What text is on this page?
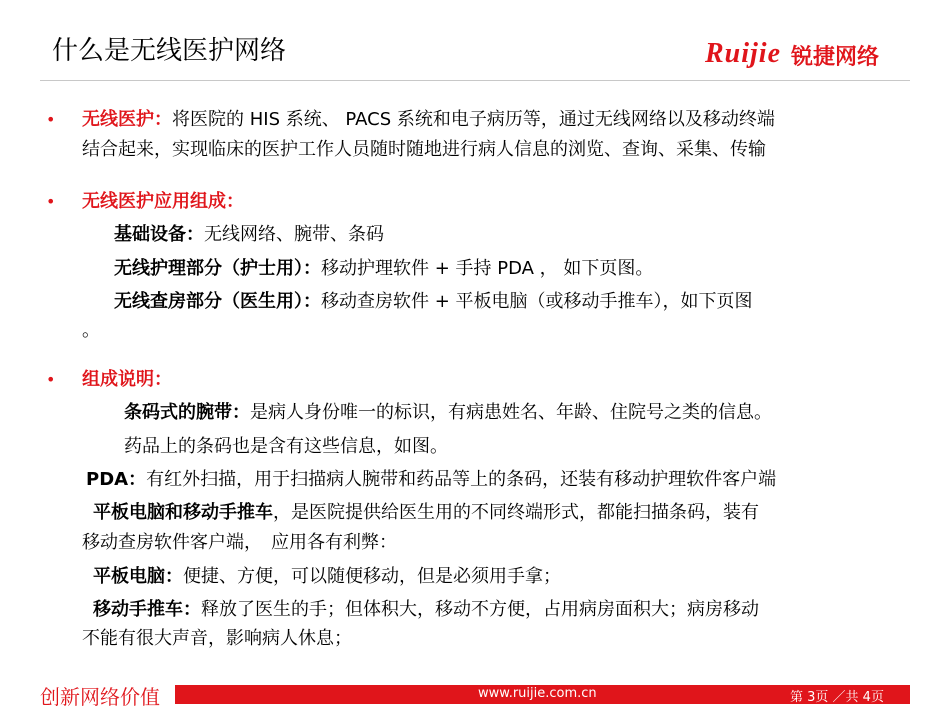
什么是无线医护网络	Ruijie 锐捷网络
• 无线医护：将医院的 HIS 系统、 PACS 系统和电子病历等，通过无线网络以及移动终端
结合起来，实现临床的医护工作人员随时随地进行病人信息的浏览、查询、采集、传输
• 无线医护应用组成：
基础设备：无线网络、腕带、条码
无线护理部分（护士用）：移动护理软件 + 手持 PDA ， 如下页图。
无线查房部分（医生用）：移动查房软件 + 平板电脑（或移动手推车），如下页图
。
• 组成说明：
条码式的腕带：是病人身份唯一的标识，有病患姓名、年龄、住院号之类的信息。
药品上的条码也是含有这些信息，如图。
PDA：有红外扫描，用于扫描病人腕带和药品等上的条码，还装有移动护理软件客户端
平板电脑和移动手推车，是医院提供给医生用的不同终端形式，都能扫描条码，装有
移动查房软件客户端，　应用各有利弊：
平板电脑：便捷、方便，可以随便移动，但是必须用手拿；
移动手推车：释放了医生的手；但体积大，移动不方便，占用病房面积大；病房移动
不能有很大声音，影响病人休息；
创新网络价值	www.ruijie.com.cn	第 3页 ／共 4页
